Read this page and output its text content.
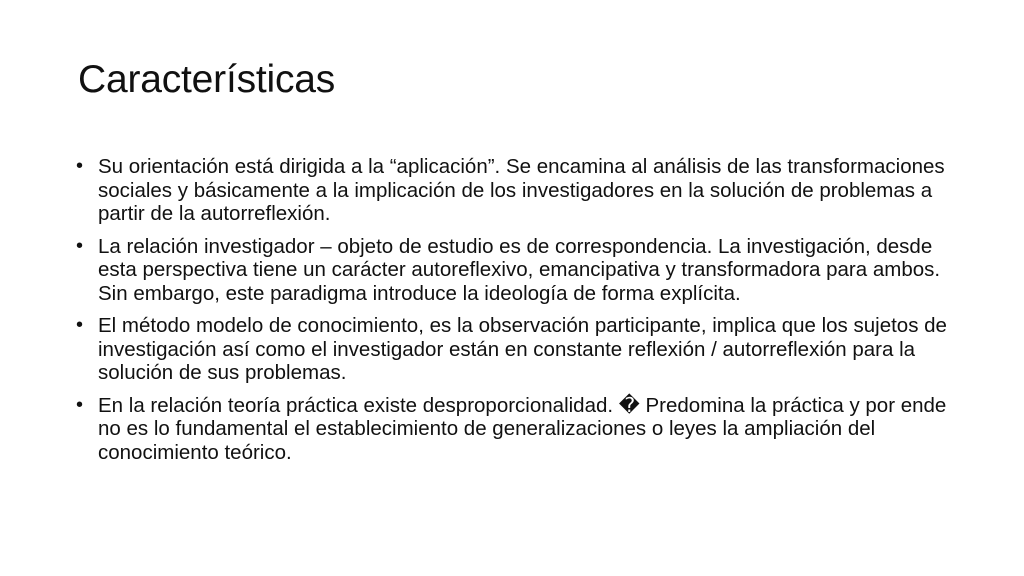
Características
• Su orientación está dirigida a la “aplicación”. Se encamina al análisis de las transformaciones sociales y básicamente a la implicación de los investigadores en la solución de problemas a partir de la autorreflexión.
• La relación investigador – objeto de estudio es de correspondencia. La investigación, desde esta perspectiva tiene un carácter autoreflexivo, emancipativa y transformadora para ambos. Sin embargo, este paradigma introduce la ideología de forma explícita.
• El método modelo de conocimiento, es la observación participante, implica que los sujetos de investigación así como el investigador están en constante reflexión / autorreflexión para la solución de sus problemas.
• En la relación teoría práctica existe desproporcionalidad. � Predomina la práctica y por ende no es lo fundamental el establecimiento de generalizaciones o leyes la ampliación del conocimiento teórico.
